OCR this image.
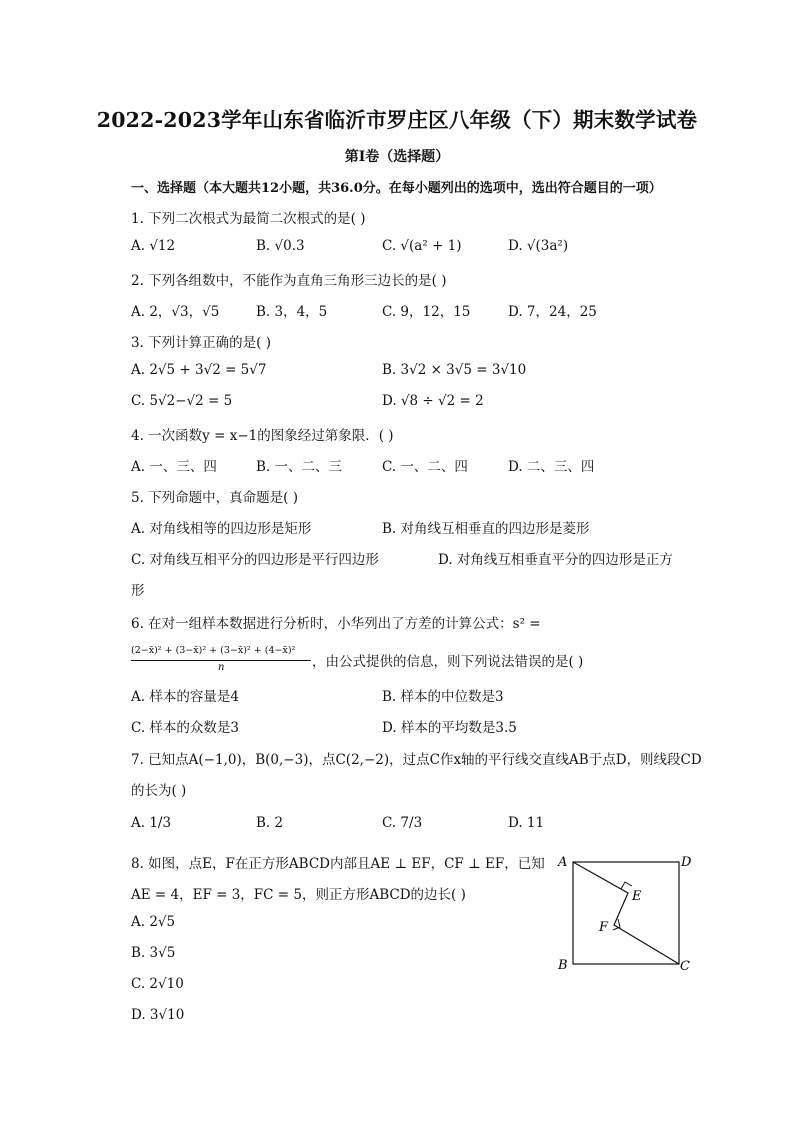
2022-2023学年山东省临沂市罗庄区八年级（下）期末数学试卷
第I卷（选择题）
一、选择题（本大题共12小题，共36.0分。在每小题列出的选项中，选出符合题目的一项）
1. 下列二次根式为最简二次根式的是( )
A. √12	B. √0.3	C. √(a² + 1)	D. √(3a²)
2. 下列各组数中，不能作为直角三角形三边长的是( )
A. 2，√3，√5	B. 3，4，5	C. 9，12，15	D. 7，24，25
3. 下列计算正确的是( )
A. 2√5 + 3√2 = 5√7	B. 3√2 × 3√5 = 3√10
C. 5√2−√2 = 5	D. √8 ÷ √2 = 2
4. 一次函数y = x−1的图象经过第象限．( )
A. 一、三、四	B. 一、二、三	C. 一、二、四	D. 二、三、四
5. 下列命题中，真命题是( )
A. 对角线相等的四边形是矩形	B. 对角线互相垂直的四边形是菱形
C. 对角线互相平分的四边形是平行四边形	D. 对角线互相垂直平分的四边形是正方
形
6. 在对一组样本数据进行分析时，小华列出了方差的计算公式：s² =
(2−x̄)² + (3−x̄)² + (3−x̄)² + (4−x̄)²
n	，由公式提供的信息，则下列说法错误的是( )
A. 样本的容量是4	B. 样本的中位数是3
C. 样本的众数是3	D. 样本的平均数是3.5
7. 已知点A(−1,0)，B(0,−3)，点C(2,−2)，过点C作x轴的平行线交直线AB于点D，则线段CD
的长为( )
A. 1/3	B. 2	C. 7/3	D. 11
8. 如图，点E，F在正方形ABCD内部且AE ⊥ EF，CF ⊥ EF，已知
AE = 4，EF = 3，FC = 5，则正方形ABCD的边长( )
A. 2√5
B. 3√5
C. 2√10
D. 3√10
A	D
E
F
B	C
